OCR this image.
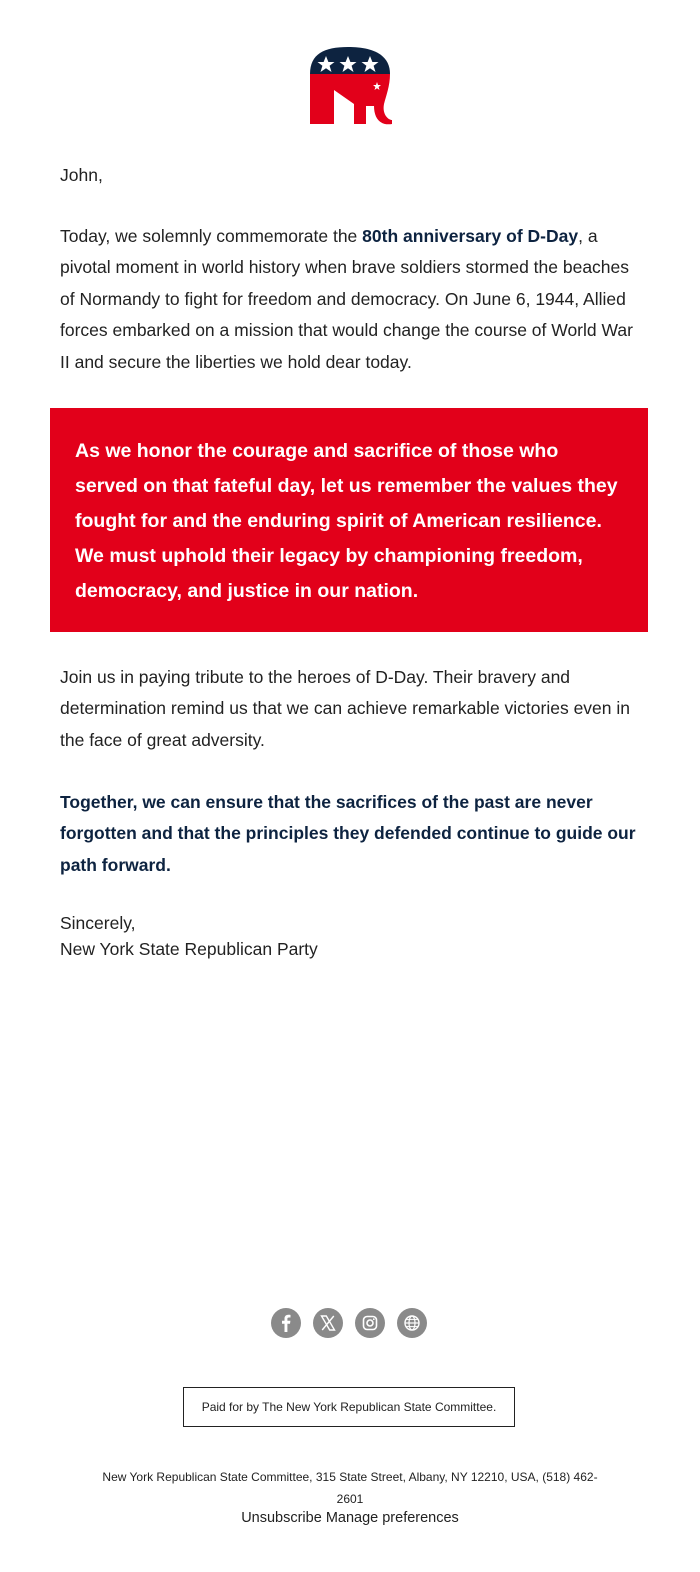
John,

Today, we solemnly commemorate the 80th anniversary of D-Day, a pivotal moment in world history when brave soldiers stormed the beaches of Normandy to fight for freedom and democracy. On June 6, 1944, Allied forces embarked on a mission that would change the course of World War II and secure the liberties we hold dear today.

As we honor the courage and sacrifice of those who served on that fateful day, let us remember the values they fought for and the enduring spirit of American resilience. We must uphold their legacy by championing freedom, democracy, and justice in our nation.

Join us in paying tribute to the heroes of D-Day. Their bravery and determination remind us that we can achieve remarkable victories even in the face of great adversity.

Together, we can ensure that the sacrifices of the past are never forgotten and that the principles they defended continue to guide our path forward.

Sincerely,
New York State Republican Party

Paid for by The New York Republican State Committee.

New York Republican State Committee, 315 State Street, Albany, NY 12210, USA, (518) 462-2601

Unsubscribe Manage preferences
